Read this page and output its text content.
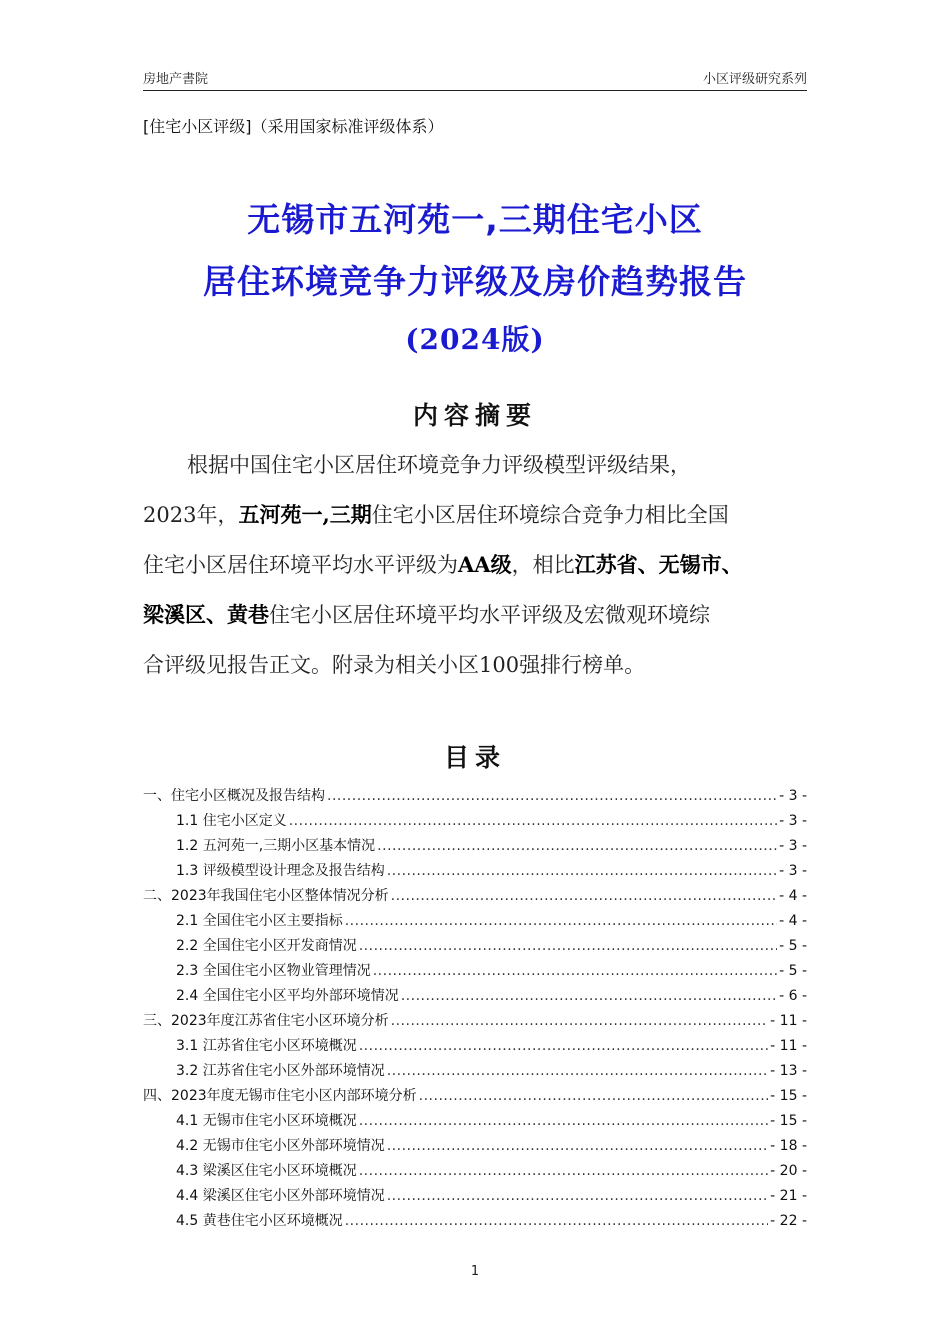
房地产書院	小区评级研究系列
[住宅小区评级]（采用国家标准评级体系）
无锡市五河苑一,三期住宅小区
居住环境竞争力评级及房价趋势报告
(2024版)
内容摘要
根据中国住宅小区居住环境竞争力评级模型评级结果，
2023年，五河苑一,三期住宅小区居住环境综合竞争力相比全国
住宅小区居住环境平均水平评级为AA级，相比江苏省、无锡市、
梁溪区、黄巷住宅小区居住环境平均水平评级及宏微观环境综
合评级见报告正文。附录为相关小区100强排行榜单。
目录
一、住宅小区概况及报告结构 .....	- 3 -
1.1 住宅小区定义 .....	- 3 -
1.2 五河苑一,三期小区基本情况 .....	- 3 -
1.3 评级模型设计理念及报告结构 .....	- 3 -
二、2023年我国住宅小区整体情况分析 .....	- 4 -
2.1 全国住宅小区主要指标 .....	- 4 -
2.2 全国住宅小区开发商情况 .....	- 5 -
2.3 全国住宅小区物业管理情况 .....	- 5 -
2.4 全国住宅小区平均外部环境情况 .....	- 6 -
三、2023年度江苏省住宅小区环境分析 .....	- 11 -
3.1 江苏省住宅小区环境概况 .....	- 11 -
3.2 江苏省住宅小区外部环境情况 .....	- 13 -
四、2023年度无锡市住宅小区内部环境分析 .....	- 15 -
4.1 无锡市住宅小区环境概况 .....	- 15 -
4.2 无锡市住宅小区外部环境情况 .....	- 18 -
4.3 梁溪区住宅小区环境概况 .....	- 20 -
4.4 梁溪区住宅小区外部环境情况 .....	- 21 -
4.5 黄巷住宅小区环境概况 .....	- 22 -
1
